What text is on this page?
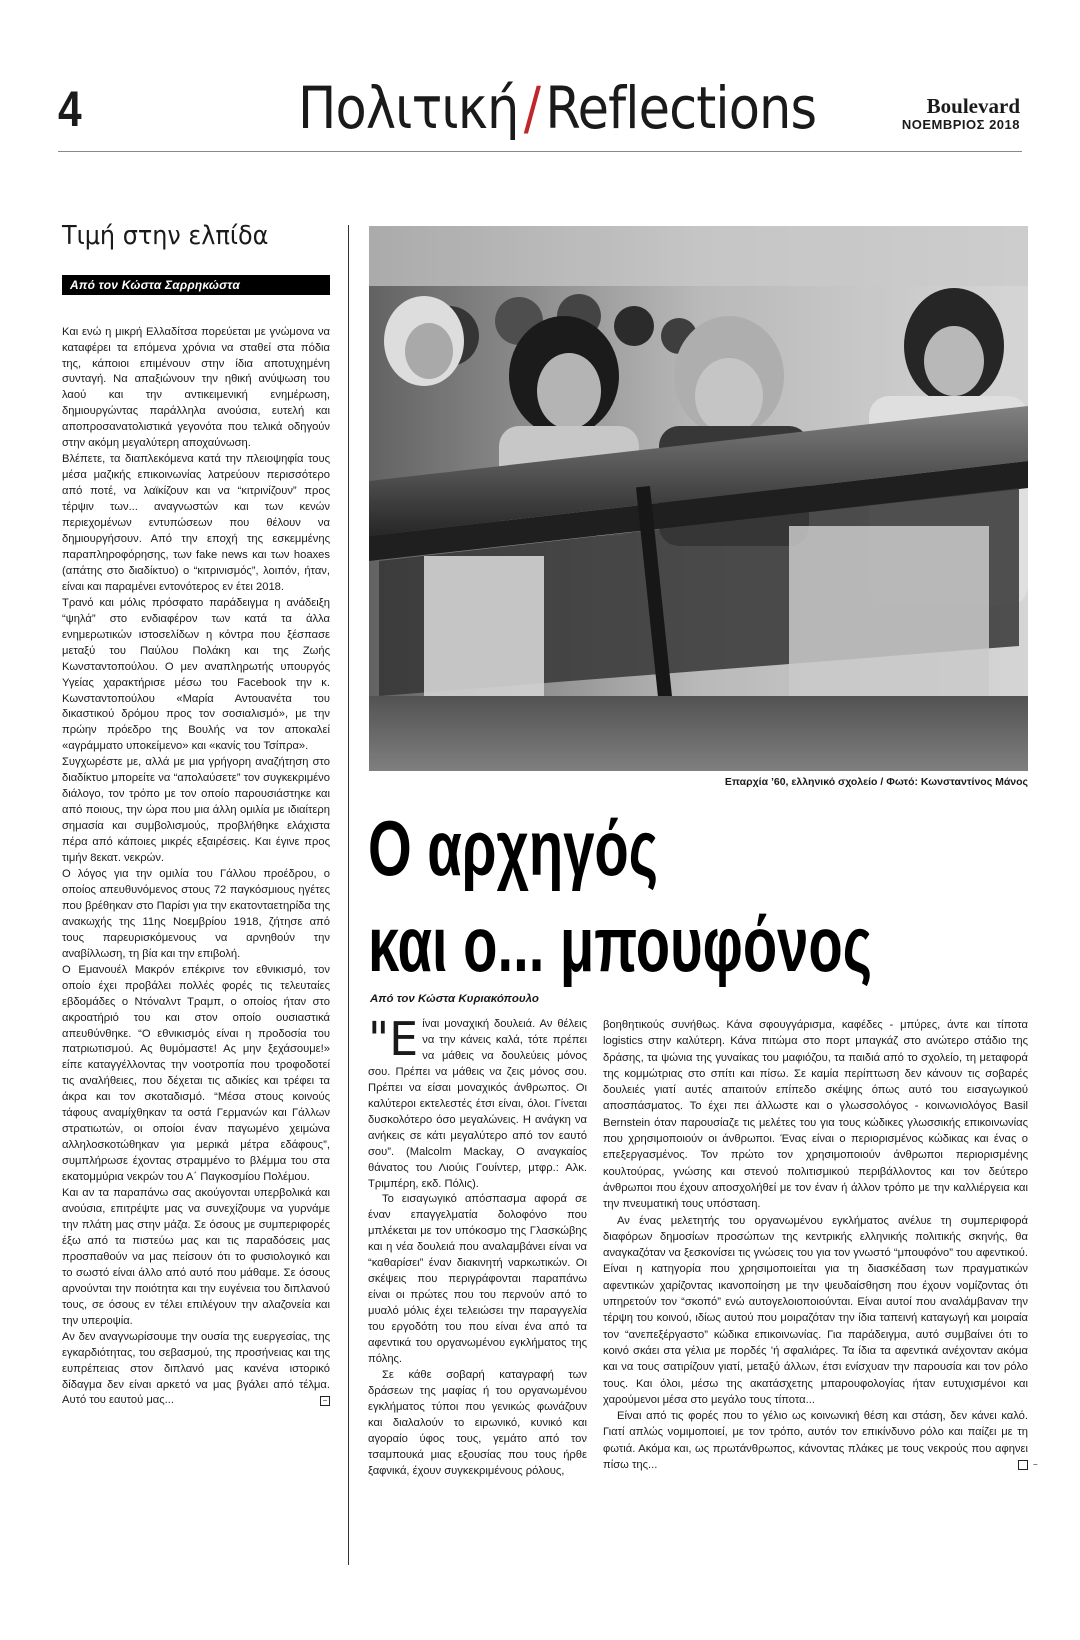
4	Πολιτική/Reflections	Boulevard
ΝΟΕΜΒΡΙΟΣ 2018
Τιμή στην ελπίδα
Από τον Κώστα Σαρρηκώστα

Και ενώ η μικρή Ελλαδίτσα πορεύεται με γνώμονα να καταφέρει τα επόμενα χρόνια να σταθεί στα πόδια της, κάποιοι επιμένουν στην ίδια αποτυχημένη συνταγή. Να απαξιώνουν την ηθική ανύψωση του λαού και την αντικειμενική ενημέρωση, δημιουργώντας παράλληλα ανούσια, ευτελή και αποπροσανατολιστικά γεγονότα που τελικά οδηγούν στην ακόμη μεγαλύτερη αποχαύνωση.

Βλέπετε, τα διαπλεκόμενα κατά την πλειοψηφία τους μέσα μαζικής επικοινωνίας λατρεύουν περισσότερο από ποτέ, να λαϊκίζουν και να “κιτρινίζουν” προς τέρψιν των... αναγνωστών και των κενών περιεχομένων εντυπώσεων που θέλουν να δημιουργήσουν. Από την εποχή της εσκεμμένης παραπληροφόρησης, των fake news και των hoaxes (απάτης στο διαδίκτυο) ο “κιτρινισμός”, λοιπόν, ήταν, είναι και παραμένει εντονότερος εν έτει 2018.

Τρανό και μόλις πρόσφατο παράδειγμα η ανάδειξη “ψηλά” στο ενδιαφέρον των κατά τα άλλα ενημερωτικών ιστοσελίδων η κόντρα που ξέσπασε μεταξύ του Παύλου Πολάκη και της Ζωής Κωνσταντοπούλου. Ο μεν αναπληρωτής υπουργός Υγείας χαρακτήρισε μέσω του Facebook την κ. Κωνσταντοπούλου «Μαρία Αντουανέτα του δικαστικού δρόμου προς τον σοσιαλισμό», με την πρώην πρόεδρο της Βουλής να τον αποκαλεί «αγράμματο υποκείμενο» και «κανίς του Τσίπρα».

Συγχωρέστε με, αλλά με μια γρήγορη αναζήτηση στο διαδίκτυο μπορείτε να “απολαύσετε” τον συγκεκριμένο διάλογο, τον τρόπο με τον οποίο παρουσιάστηκε και από ποιους, την ώρα που μια άλλη ομιλία με ιδιαίτερη σημασία και συμβολισμούς, προβλήθηκε ελάχιστα πέρα από κάποιες μικρές εξαιρέσεις. Και έγινε προς τιμήν 8εκατ. νεκρών.

Ο λόγος για την ομιλία του Γάλλου προέδρου, ο οποίος απευθυνόμενος στους 72 παγκόσμιους ηγέτες που βρέθηκαν στο Παρίσι για την εκατονταετηρίδα της ανακωχής της 11ης Νοεμβρίου 1918, ζήτησε από τους παρευρισκόμενους να αρνηθούν την αναβίλλωση, τη βία και την επιβολή.

Ο Εμανουέλ Μακρόν επέκρινε τον εθνικισμό, τον οποίο έχει προβάλει πολλές φορές τις τελευταίες εβδομάδες ο Ντόναλντ Τραμπ, ο οποίος ήταν στο ακροατήριό του και στον οποίο ουσιαστικά απευθύνθηκε. “Ο εθνικισμός είναι η προδοσία του πατριωτισμού. Ας θυμόμαστε! Ας μην ξεχάσουμε!» είπε καταγγέλλοντας την νοοτροπία που τροφοδοτεί τις αναλήθειες, που δέχεται τις αδικίες και τρέφει τα άκρα και τον σκοταδισμό. “Μέσα στους κοινούς τάφους αναμίχθηκαν τα οστά Γερμανών και Γάλλων στρατιωτών, οι οποίοι έναν παγωμένο χειμώνα αλληλοσκοτώθηκαν για μερικά μέτρα εδάφους”, συμπλήρωσε έχοντας στραμμένο το βλέμμα του στα εκατομμύρια νεκρών του Α΄ Παγκοσμίου Πολέμου.

Και αν τα παραπάνω σας ακούγονται υπερβολικά και ανούσια, επιτρέψτε μας να συνεχίζουμε να γυρνάμε την πλάτη μας στην μάζα. Σε όσους με συμπεριφορές έξω από τα πιστεύω μας και τις παραδόσεις μας προσπαθούν να μας πείσουν ότι το φυσιολογικό και το σωστό είναι άλλο από αυτό που μάθαμε. Σε όσους αρνούνται την ποιότητα και την ευγένεια του διπλανού τους, σε όσους εν τέλει επιλέγουν την αλαζονεία και την υπεροψία.

Αν δεν αναγνωρίσουμε την ουσία της ευεργεσίας, της εγκαρδιότητας, του σεβασμού, της προσήνειας και της ευπρέπειας στον διπλανό μας κανένα ιστορικό δίδαγμα δεν είναι αρκετό να μας βγάλει από τέλμα. Αυτό του εαυτού μας...	−

Επαρχία ’60, ελληνικό σχολείο / Φωτό: Κωνσταντίνος Μάνος
Ο αρχηγός
και ο... μπουφόνος
Από τον Κώστα Κυριακόπουλο

"Είναι μοναχική δουλειά. Αν θέλεις να την κάνεις καλά, τότε πρέπει να μάθεις να δουλεύεις μόνος σου. Πρέπει να μάθεις να ζεις μόνος σου. Πρέπει να είσαι μοναχικός άνθρωπος. Οι καλύτεροι εκτελεστές έτσι είναι, όλοι. Γίνεται δυσκολότερο όσο μεγαλώνεις. Η ανάγκη να ανήκεις σε κάτι μεγαλύτερο από τον εαυτό σου”. (Malcolm Mackay, Ο αναγκαίος θάνατος του Λιούις Γουίντερ, μτφρ.: Αλκ. Τριμπέρη, εκδ. Πόλις).

Το εισαγωγικό απόσπασμα αφορά σε έναν επαγγελματία δολοφόνο που μπλέκεται με τον υπόκοσμο της Γλασκώβης και η νέα δουλειά που αναλαμβάνει είναι να “καθαρίσει” έναν διακινητή ναρκωτικών. Οι σκέψεις που περιγράφονται παραπάνω είναι οι πρώτες που του περνούν από το μυαλό μόλις έχει τελειώσει την παραγγελία του εργοδότη του που είναι ένα από τα αφεντικά του οργανωμένου εγκλήματος της πόλης.

Σε κάθε σοβαρή καταγραφή των δράσεων της μαφίας ή του οργανωμένου εγκλήματος τύποι που γενικώς φωνάζουν και διαλαλούν το ειρωνικό, κυνικό και αγοραίο ύφος τους, γεμάτο από τον τσαμπουκά μιας εξουσίας που τους ήρθε ξαφνικά, έχουν συγκεκριμένους ρόλους,

βοηθητικούς συνήθως. Κάνα σφουγγάρισμα, καφέδες - μπύρες, άντε και τίποτα logistics στην καλύτερη. Κάνα πιτώμα στο πορτ μπαγκάζ στο ανώτερο στάδιο της δράσης, τα ψώνια της γυναίκας του μαφιόζου, τα παιδιά από το σχολείο, τη μεταφορά της κομμώτριας στο σπίτι και πίσω. Σε καμία περίπτωση δεν κάνουν τις σοβαρές δουλειές γιατί αυτές απαιτούν επίπεδο σκέψης όπως αυτό του εισαγωγικού αποσπάσματος. Το έχει πει άλλωστε και ο γλωσσολόγος - κοινωνιολόγος Basil Bernstein όταν παρουσίαζε τις μελέτες του για τους κώδικες γλωσσικής επικοινωνίας που χρησιμοποιούν οι άνθρωποι. Ένας είναι ο περιορισμένος κώδικας και ένας ο επεξεργασμένος. Τον πρώτο τον χρησιμοποιούν άνθρωποι περιορισμένης κουλτούρας, γνώσης και στενού πολιτισμικού περιβάλλοντος και τον δεύτερο άνθρωποι που έχουν αποσχολήθεί με τον έναν ή άλλον τρόπο με την καλλιέργεια και την πνευματική τους υπόσταση.

Αν ένας μελετητής του οργανωμένου εγκλήματος ανέλυε τη συμπεριφορά διαφόρων δημοσίων προσώπων της κεντρικής ελληνικής πολιτικής σκηνής, θα αναγκαζόταν να ξεσκονίσει τις γνώσεις του για τον γνωστό “μπουφόνο” του αφεντικού. Είναι η κατηγορία που χρησιμοποιείται για τη διασκέδαση των πραγματικών αφεντικών χαρίζοντας ικανοποίηση με την ψευδαίσθηση που έχουν νομίζοντας ότι υπηρετούν τον “σκοπό” ενώ αυτογελοιοποιούνται. Είναι αυτοί που αναλάμβαναν την τέρψη του κοινού, ιδίως αυτού που μοιραζόταν την ίδια ταπεινή καταγωγή και μοιραία τον “ανεπεξέργαστο” κώδικα επικοινωνίας. Για παράδειγμα, αυτό συμβαίνει ότι το κοινό σκάει στα γέλια με πορδές ’ή σφαλιάρες. Τα ίδια τα αφεντικά ανέχονταν ακόμα και να τους σατιρίζουν γιατί, μεταξύ άλλων, έτσι ενίσχυαν την παρουσία και τον ρόλο τους. Και όλοι, μέσω της ακατάσχετης μπαρουφολογίας ήταν ευτυχισμένοι και χαρούμενοι μέσα στο μεγάλο τους τίποτα...

Είναι από τις φορές που το γέλιο ως κοινωνική θέση και στάση, δεν κάνει καλό. Γιατί απλώς νομιμοποιεί, με τον τρόπο, αυτόν τον επικίνδυνο ρόλο και παίζει με τη φωτιά. Ακόμα και, ως πρωτάνθρωπος, κάνοντας πλάκες με τους νεκρούς που αφηνει πίσω της...	−
